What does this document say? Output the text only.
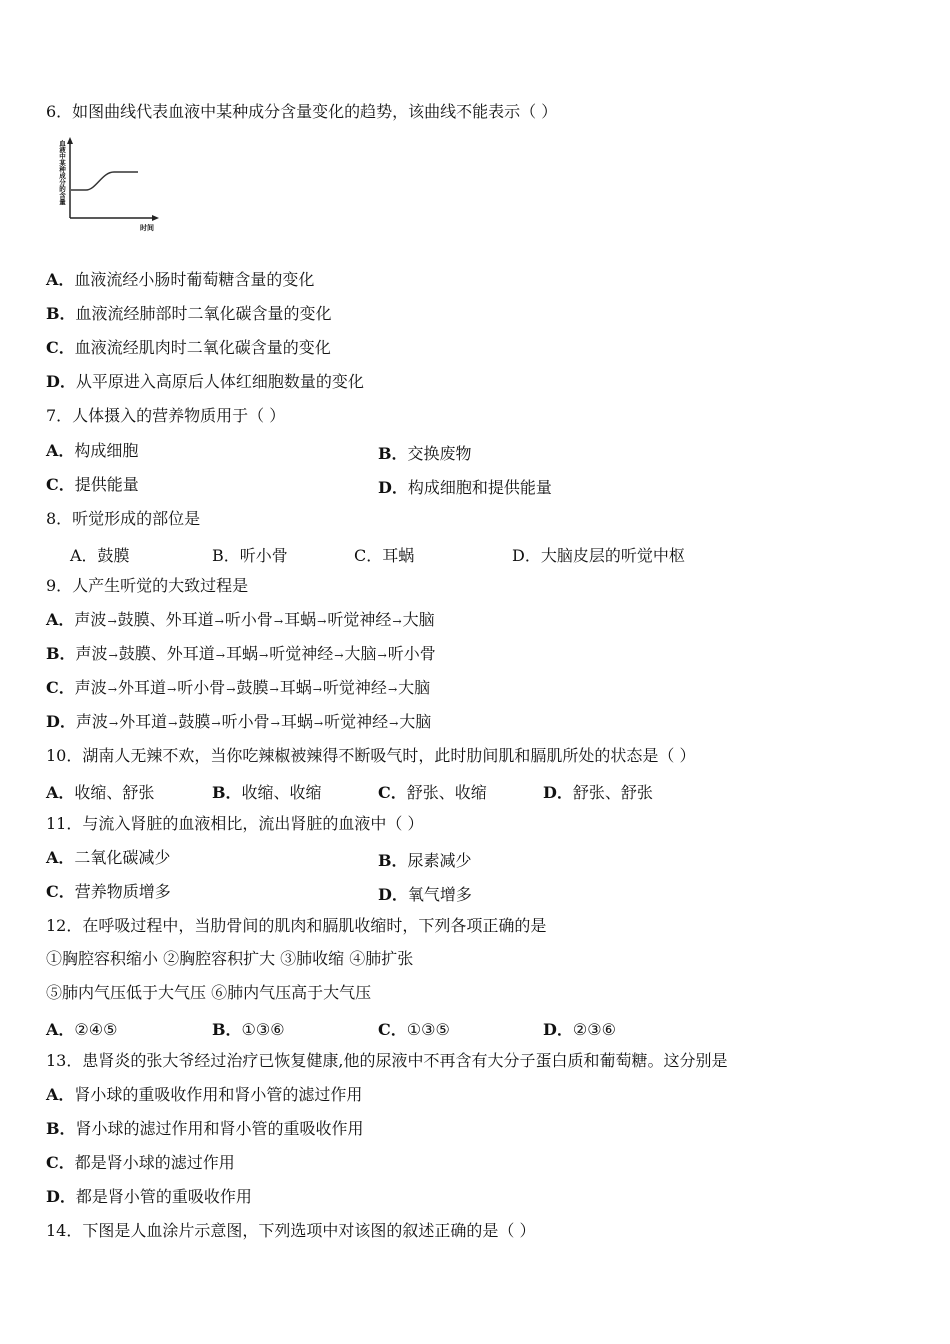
6．如图曲线代表血液中某种成分含量变化的趋势，该曲线不能表示（ ）
血液中某种成分的含量
时间
A．血液流经小肠时葡萄糖含量的变化
B．血液流经肺部时二氧化碳含量的变化
C．血液流经肌肉时二氧化碳含量的变化
D．从平原进入高原后人体红细胞数量的变化
7．人体摄入的营养物质用于（ ）
A．构成细胞	B．交换废物
C．提供能量	D．构成细胞和提供能量
8．听觉形成的部位是
A．鼓膜	B．听小骨	C．耳蜗	D．大脑皮层的听觉中枢
9．人产生听觉的大致过程是
A．声波→鼓膜、外耳道→听小骨→耳蜗→听觉神经→大脑
B．声波→鼓膜、外耳道→耳蜗→听觉神经→大脑→听小骨
C．声波→外耳道→听小骨→鼓膜→耳蜗→听觉神经→大脑
D．声波→外耳道→鼓膜→听小骨→耳蜗→听觉神经→大脑
10．湖南人无辣不欢，当你吃辣椒被辣得不断吸气时，此时肋间肌和膈肌所处的状态是（ ）
A．收缩、舒张	B．收缩、收缩	C．舒张、收缩	D．舒张、舒张
11．与流入肾脏的血液相比，流出肾脏的血液中（ ）
A．二氧化碳减少	B．尿素减少
C．营养物质增多	D．氧气增多
12．在呼吸过程中，当肋骨间的肌肉和膈肌收缩时，下列各项正确的是
①胸腔容积缩小 ②胸腔容积扩大 ③肺收缩 ④肺扩张
⑤肺内气压低于大气压 ⑥肺内气压高于大气压
A．②④⑤	B．①③⑥	C．①③⑤	D．②③⑥
13．患肾炎的张大爷经过治疗已恢复健康,他的尿液中不再含有大分子蛋白质和葡萄糖。这分别是
A．肾小球的重吸收作用和肾小管的滤过作用
B．肾小球的滤过作用和肾小管的重吸收作用
C．都是肾小球的滤过作用
D．都是肾小管的重吸收作用
14．下图是人血涂片示意图，下列选项中对该图的叙述正确的是（ ）
